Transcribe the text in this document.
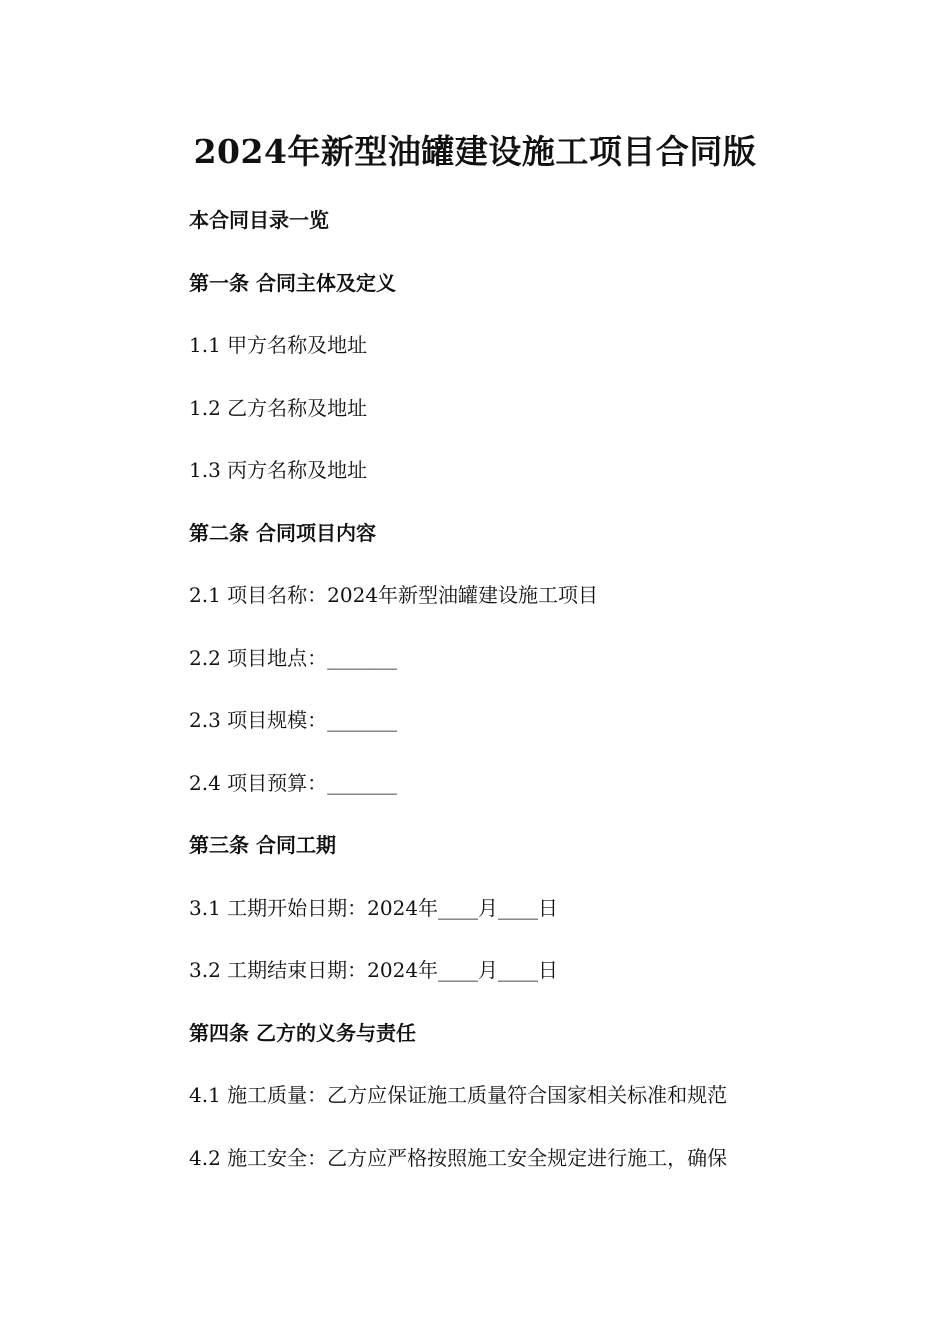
2024年新型油罐建设施工项目合同版
本合同目录一览
第一条 合同主体及定义
1.1 甲方名称及地址
1.2 乙方名称及地址
1.3 丙方名称及地址
第二条 合同项目内容
2.1 项目名称：2024年新型油罐建设施工项目
2.2 项目地点：_______
2.3 项目规模：_______
2.4 项目预算：_______
第三条 合同工期
3.1 工期开始日期：2024年____月____日
3.2 工期结束日期：2024年____月____日
第四条 乙方的义务与责任
4.1 施工质量：乙方应保证施工质量符合国家相关标准和规范
4.2 施工安全：乙方应严格按照施工安全规定进行施工，确保
